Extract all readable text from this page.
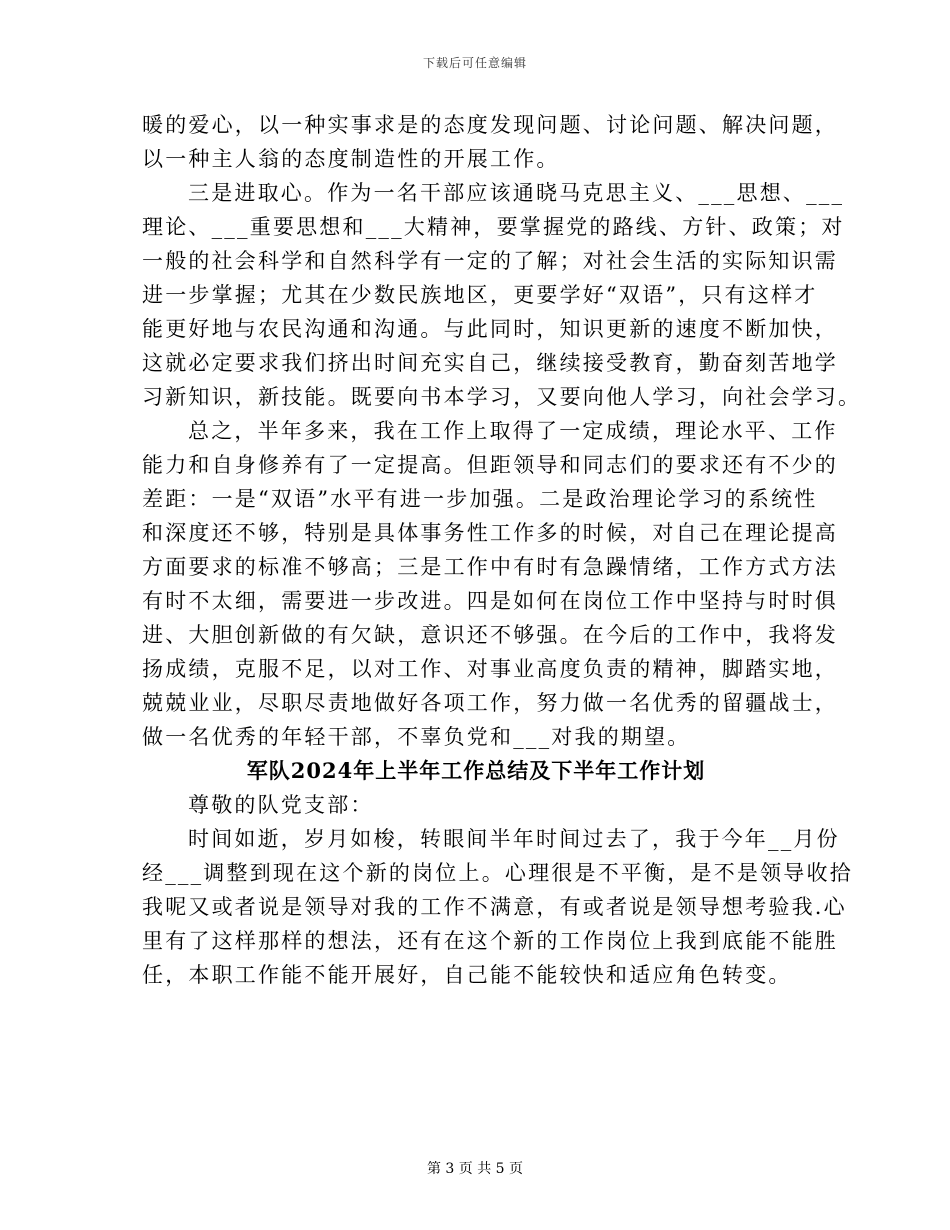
下载后可任意编辑
暖的爱心，以一种实事求是的态度发现问题、讨论问题、解决问题，
以一种主人翁的态度制造性的开展工作。
三是进取心。作为一名干部应该通晓马克思主义、___思想、___
理论、___重要思想和___大精神，要掌握党的路线、方针、政策；对
一般的社会科学和自然科学有一定的了解；对社会生活的实际知识需
进一步掌握；尤其在少数民族地区，更要学好“双语”，只有这样才
能更好地与农民沟通和沟通。与此同时，知识更新的速度不断加快，
这就必定要求我们挤出时间充实自己，继续接受教育，勤奋刻苦地学
习新知识，新技能。既要向书本学习，又要向他人学习，向社会学习。
总之，半年多来，我在工作上取得了一定成绩，理论水平、工作
能力和自身修养有了一定提高。但距领导和同志们的要求还有不少的
差距：一是“双语”水平有进一步加强。二是政治理论学习的系统性
和深度还不够，特别是具体事务性工作多的时候，对自己在理论提高
方面要求的标准不够高；三是工作中有时有急躁情绪，工作方式方法
有时不太细，需要进一步改进。四是如何在岗位工作中坚持与时时俱
进、大胆创新做的有欠缺，意识还不够强。在今后的工作中，我将发
扬成绩，克服不足，以对工作、对事业高度负责的精神，脚踏实地，
兢兢业业，尽职尽责地做好各项工作，努力做一名优秀的留疆战士，
做一名优秀的年轻干部，不辜负党和___对我的期望。
军队2024年上半年工作总结及下半年工作计划
尊敬的队党支部：
时间如逝，岁月如梭，转眼间半年时间过去了，我于今年__月份
经___调整到现在这个新的岗位上。心理很是不平衡，是不是领导收拾
我呢又或者说是领导对我的工作不满意，有或者说是领导想考验我.心
里有了这样那样的想法，还有在这个新的工作岗位上我到底能不能胜
任，本职工作能不能开展好，自己能不能较快和适应角色转变。
第 3 页 共 5 页
